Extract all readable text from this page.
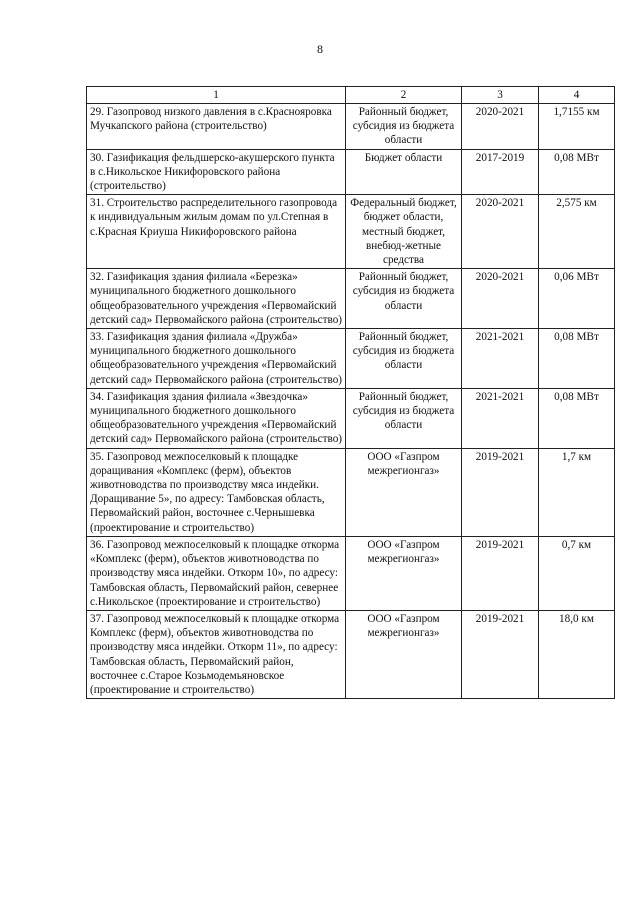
8
1	2	3	4
29. Газопровод низкого давления в с.Краснояровка Мучкапского района (строительство)	Районный бюджет, субсидия из бюджета области	2020-2021	1,7155 км
30. Газификация фельдшерско-акушерского пункта в с.Никольское Никифоровского района (строительство)	Бюджет области	2017-2019	0,08 МВт
31. Строительство распределительного газопровода к индивидуальным жилым домам по ул.Степная в с.Красная Криуша Никифоровского района	Федеральный бюджет, бюджет области, местный бюджет, внебюд-жетные средства	2020-2021	2,575 км
32. Газификация здания филиала «Березка» муниципального бюджетного дошкольного общеобразовательного учреждения «Первомайский детский сад» Первомайского района (строительство)	Районный бюджет, субсидия из бюджета области	2020-2021	0,06 МВт
33. Газификация здания филиала «Дружба» муниципального бюджетного дошкольного общеобразовательного учреждения «Первомайский детский сад» Первомайского района (строительство)	Районный бюджет, субсидия из бюджета области	2021-2021	0,08 МВт
34. Газификация здания филиала «Звездочка» муниципального бюджетного дошкольного общеобразовательного учреждения «Первомайский детский сад» Первомайского района (строительство)	Районный бюджет, субсидия из бюджета области	2021-2021	0,08 МВт
35. Газопровод межпоселковый к площадке доращивания «Комплекс (ферм), объектов животноводства по производству мяса индейки. Доращивание 5», по адресу: Тамбовская область, Первомайский район, восточнее с.Чернышевка (проектирование и строительство)	ООО «Газпром межрегионгаз»	2019-2021	1,7 км
36. Газопровод межпоселковый к площадке откорма «Комплекс (ферм), объектов животноводства по производству мяса индейки. Откорм 10», по адресу: Тамбовская область, Первомайский район, севернее с.Никольское (проектирование и строительство)	ООО «Газпром межрегионгаз»	2019-2021	0,7 км
37. Газопровод межпоселковый к площадке откорма Комплекс (ферм), объектов животноводства по производству мяса индейки. Откорм 11», по адресу: Тамбовская область, Первомайский район, восточнее с.Старое Козьмодемьяновское (проектирование и строительство)	ООО «Газпром межрегионгаз»	2019-2021	18,0 км
